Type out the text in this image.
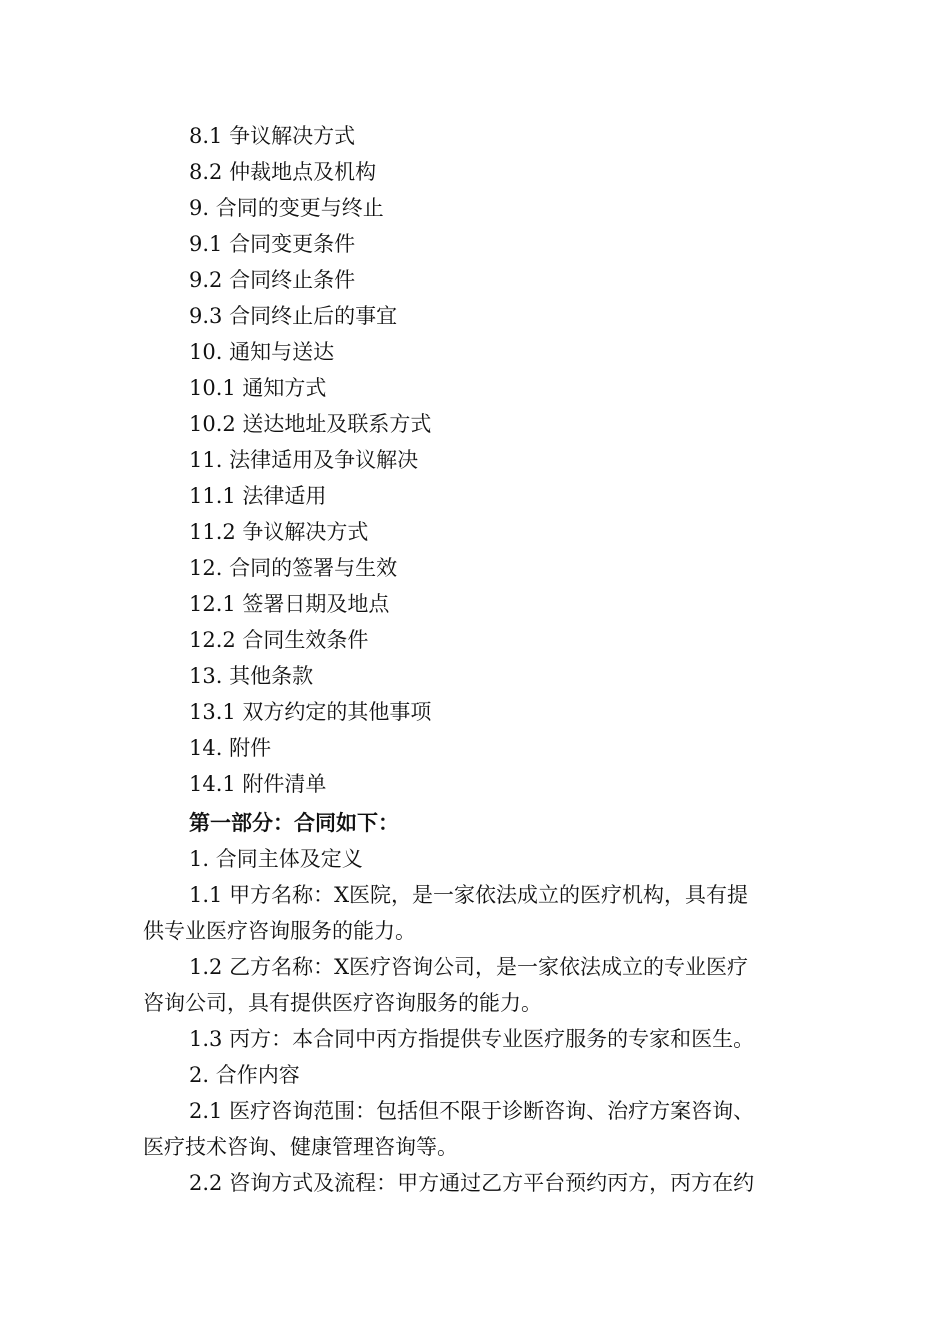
8.1 争议解决方式
8.2 仲裁地点及机构
9. 合同的变更与终止
9.1 合同变更条件
9.2 合同终止条件
9.3 合同终止后的事宜
10. 通知与送达
10.1 通知方式
10.2 送达地址及联系方式
11. 法律适用及争议解决
11.1 法律适用
11.2 争议解决方式
12. 合同的签署与生效
12.1 签署日期及地点
12.2 合同生效条件
13. 其他条款
13.1 双方约定的其他事项
14. 附件
14.1 附件清单
第一部分：合同如下：
1. 合同主体及定义
1.1 甲方名称：X医院，是一家依法成立的医疗机构，具有提
供专业医疗咨询服务的能力。
1.2 乙方名称：X医疗咨询公司，是一家依法成立的专业医疗
咨询公司，具有提供医疗咨询服务的能力。
1.3 丙方：本合同中丙方指提供专业医疗服务的专家和医生。
2. 合作内容
2.1 医疗咨询范围：包括但不限于诊断咨询、治疗方案咨询、
医疗技术咨询、健康管理咨询等。
2.2 咨询方式及流程：甲方通过乙方平台预约丙方，丙方在约
